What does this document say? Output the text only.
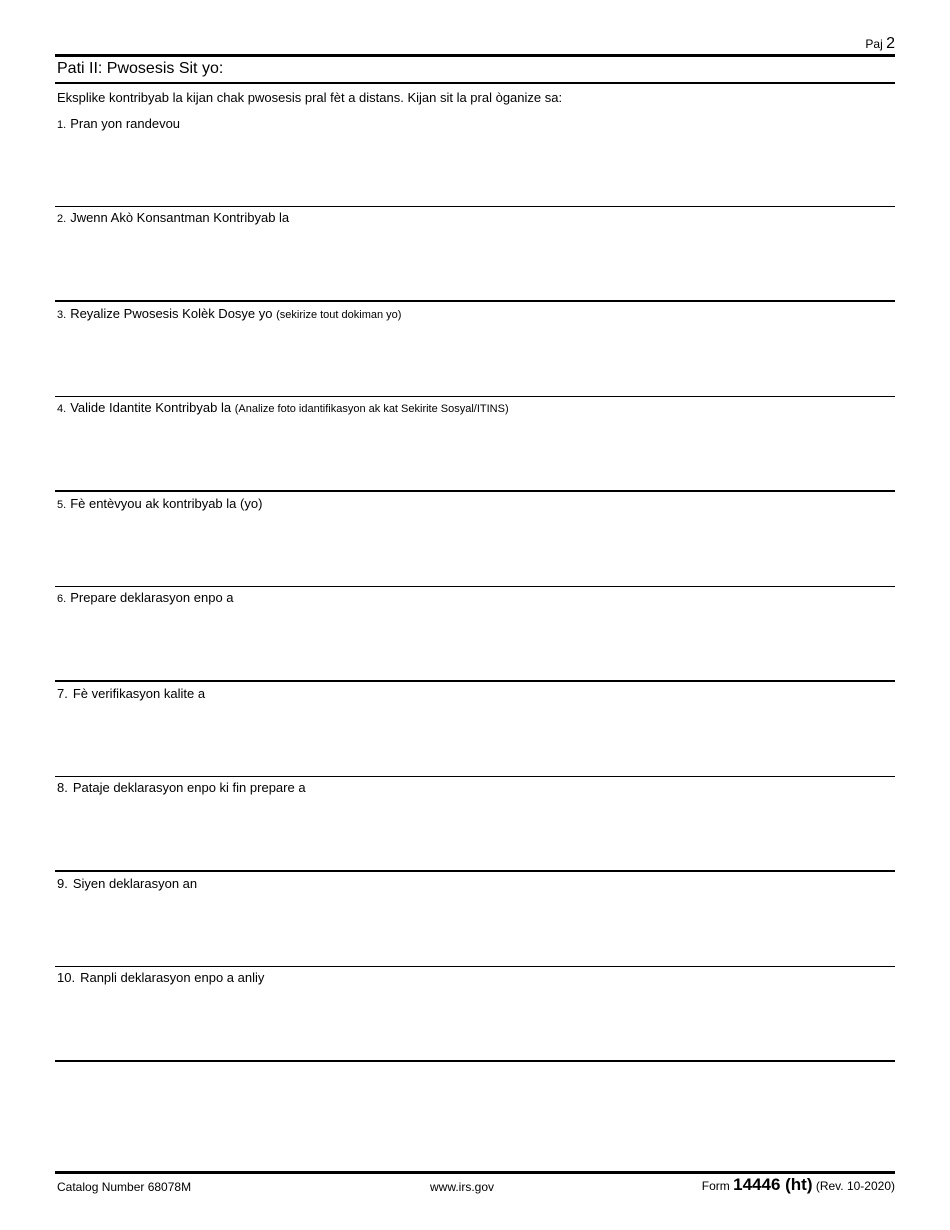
Paj 2
Pati II: Pwosesis Sit yo:
Eksplike kontribyab la kijan chak pwosesis pral fèt a distans. Kijan sit la pral òganize sa:
1. Pran yon randevou
2. Jwenn Akò Konsantman Kontribyab la
3. Reyalize Pwosesis Kolèk Dosye yo (sekirize tout dokiman yo)
4. Valide Idantite Kontribyab la (Analize foto idantifikasyon ak kat Sekirite Sosyal/ITINS)
5. Fè entèvyou ak kontribyab la (yo)
6. Prepare deklarasyon enpo a
7. Fè verifikasyon kalite a
8. Pataje deklarasyon enpo ki fin prepare a
9. Siyen deklarasyon an
10. Ranpli deklarasyon enpo a anliy
Catalog Number 68078M	www.irs.gov	Form 14446 (ht) (Rev. 10-2020)
